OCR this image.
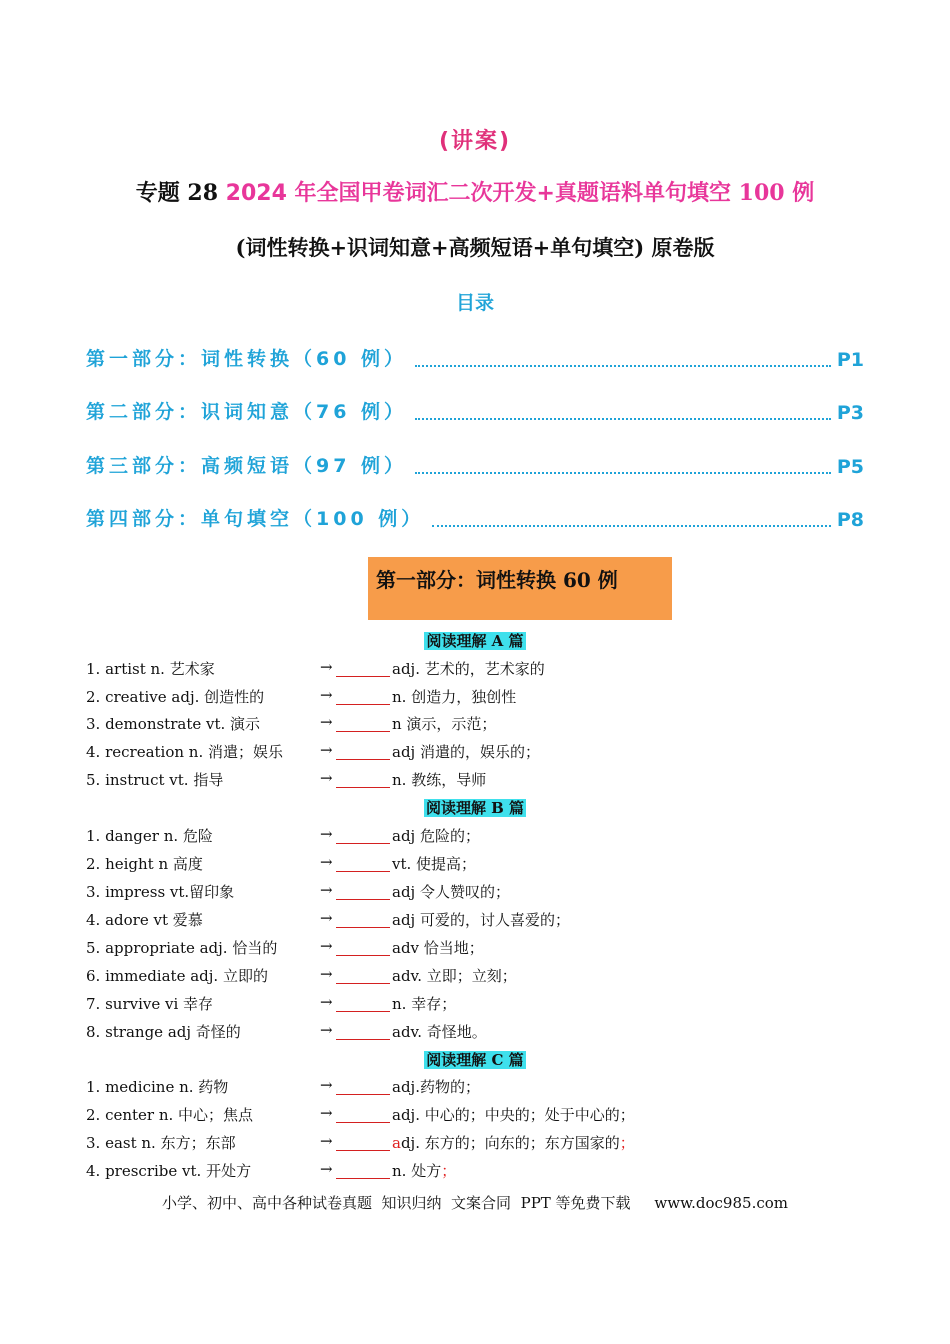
(讲案)
专题 28 2024 年全国甲卷词汇二次开发+真题语料单句填空 100 例
(词性转换+识词知意+高频短语+单句填空) 原卷版
目录
第一部分：词性转换（60 例）	P1
第二部分：识词知意（76 例）	P3
第三部分：高频短语（97 例）	P5
第四部分：单句填空（100 例）	P8
第一部分：词性转换 60 例
阅读理解 A 篇
1. artist n. 艺术家	→	adj. 艺术的，艺术家的
2. creative adj. 创造性的	→	n. 创造力，独创性
3. demonstrate vt. 演示	→	n 演示，示范；
4. recreation n. 消遣；娱乐 →	adj 消遣的，娱乐的；
5. instruct vt. 指导	→	n. 教练，导师
阅读理解 B 篇
1. danger n. 危险	→	adj 危险的；
2. height n 高度	→	vt. 使提高；
3. impress vt.留印象	→	adj 令人赞叹的；
4. adore vt 爱慕	→	adj 可爱的，讨人喜爱的；
5. appropriate adj. 恰当的	→	adv 恰当地；
6. immediate adj. 立即的	→	adv. 立即；立刻；
7. survive vi 幸存	→	n. 幸存；
8. strange adj 奇怪的	→	adv. 奇怪地。
阅读理解 C 篇
1. medicine n. 药物	→	adj.药物的；
2. center n. 中心；焦点	→	adj. 中心的；中央的；处于中心的；
3. east n. 东方；东部	→	adj. 东方的；向东的；东方国家的；
4. prescribe vt. 开处方	→	n. 处方；
小学、初中、高中各种试卷真题  知识归纳  文案合同  PPT 等免费下载     www.doc985.com
